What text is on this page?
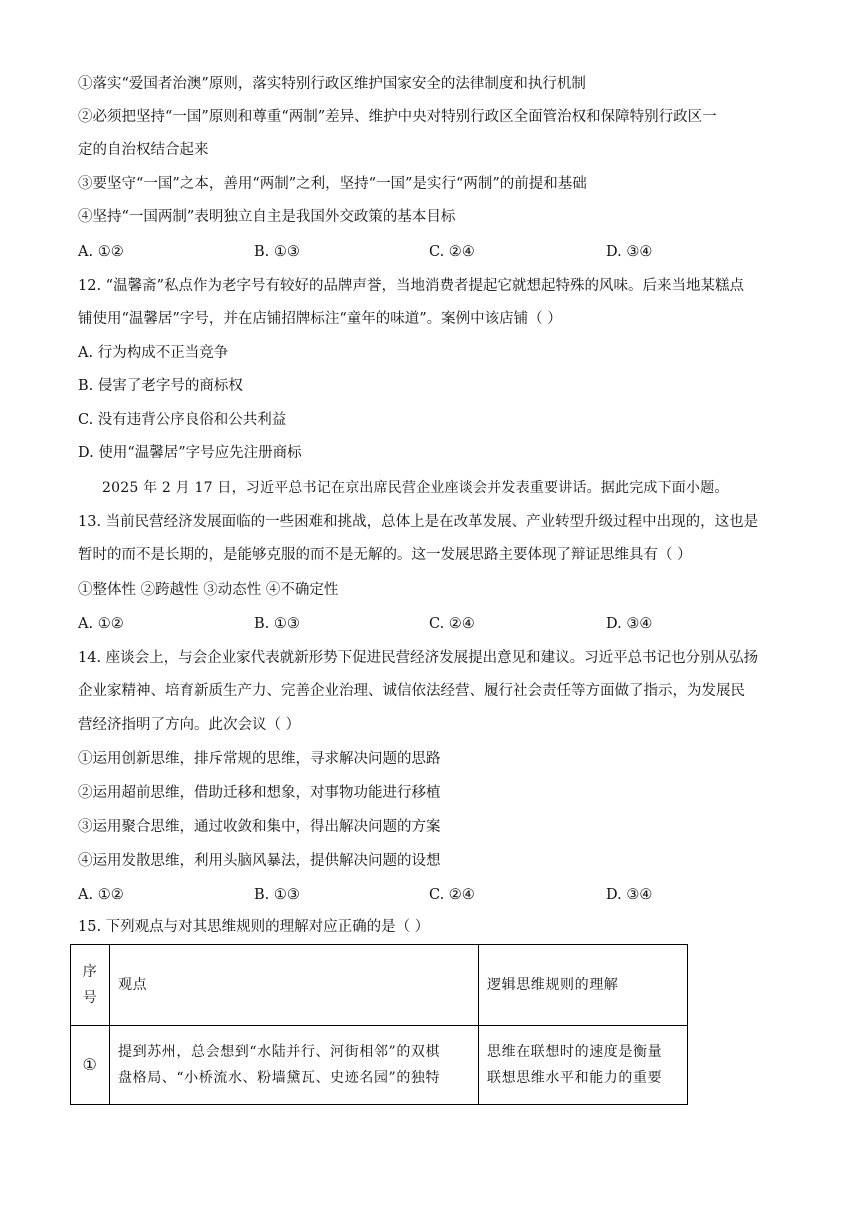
①落实“爱国者治澳”原则，落实特别行政区维护国家安全的法律制度和执行机制
②必须把坚持“一国”原则和尊重“两制”差异、维护中央对特别行政区全面管治权和保障特别行政区一
定的自治权结合起来
③要坚守“一国”之本，善用“两制”之利，坚持“一国”是实行“两制”的前提和基础
④坚持“一国两制”表明独立自主是我国外交政策的基本目标
A. ①②	B. ①③	C. ②④	D. ③④
12. “温馨斋”私点作为老字号有较好的品牌声誉，当地消费者提起它就想起特殊的风味。后来当地某糕点
铺使用“温馨居”字号，并在店铺招牌标注“童年的味道”。案例中该店铺（ ）
A. 行为构成不正当竞争
B. 侵害了老字号的商标权
C. 没有违背公序良俗和公共利益
D. 使用“温馨居”字号应先注册商标
2025 年 2 月 17 日，习近平总书记在京出席民营企业座谈会并发表重要讲话。据此完成下面小题。
13. 当前民营经济发展面临的一些困难和挑战，总体上是在改革发展、产业转型升级过程中出现的，这也是
暂时的而不是长期的，是能够克服的而不是无解的。这一发展思路主要体现了辩证思维具有（ ）
①整体性 ②跨越性 ③动态性 ④不确定性
A. ①②	B. ①③	C. ②④	D. ③④
14. 座谈会上，与会企业家代表就新形势下促进民营经济发展提出意见和建议。习近平总书记也分别从弘扬
企业家精神、培育新质生产力、完善企业治理、诚信依法经营、履行社会责任等方面做了指示，为发展民
营经济指明了方向。此次会议（ ）
①运用创新思维，排斥常规的思维，寻求解决问题的思路
②运用超前思维，借助迁移和想象，对事物功能进行移植
③运用聚合思维，通过收敛和集中，得出解决问题的方案
④运用发散思维，利用头脑风暴法，提供解决问题的设想
A. ①②	B. ①③	C. ②④	D. ③④
15. 下列观点与对其思维规则的理解对应正确的是（ ）
序
号	观点	逻辑思维规则的理解

①	提到苏州，总会想到“水陆并行、河街相邻”的双棋
盘格局、“小桥流水、粉墙黛瓦、史迹名园”的独特	思维在联想时的速度是衡量
联想思维水平和能力的重要
